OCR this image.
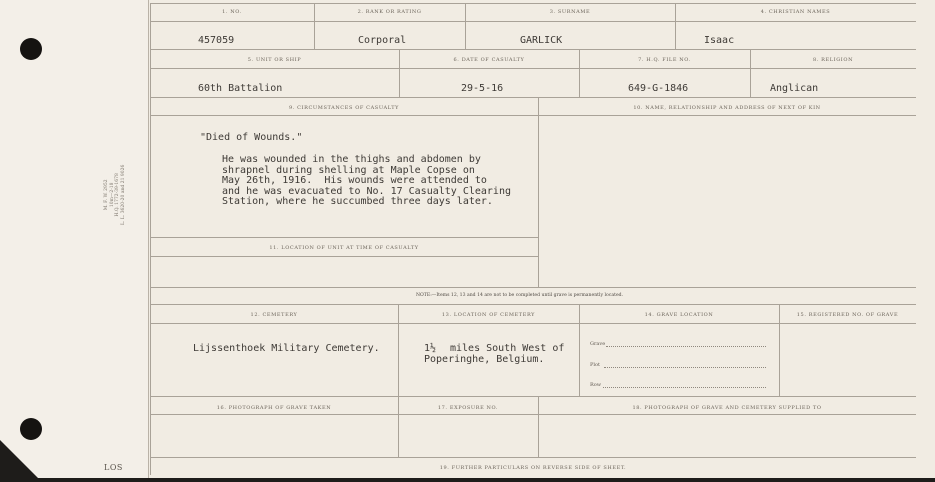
M. F. W. 2952 10m—2-18 H.Q. 1772-39-1678 L. L. 3620-20 and 21 9026
LOS
1. NO.
457059
2. RANK OR RATING
Corporal
3. SURNAME
GARLICK
4. CHRISTIAN NAMES
Isaac
5. UNIT OR SHIP
60th Battalion
6. DATE OF CASUALTY
29-5-16
7. H.Q. FILE NO.
649-G-1846
8. RELIGION
Anglican
9. CIRCUMSTANCES OF CASUALTY
"Died of Wounds."
He was wounded in the thighs and abdomen by
shrapnel during shelling at Maple Copse on
May 26th, 1916.  His wounds were attended to
and he was evacuated to No. 17 Casualty Clearing
Station, where he succumbed three days later.
10. NAME, RELATIONSHIP AND ADDRESS OF NEXT OF KIN
11. LOCATION OF UNIT AT TIME OF CASUALTY
NOTE:—Items 12, 13 and 14 are not to be completed until grave is permanently located.
12. CEMETERY
Lijssenthoek Military Cemetery.
13. LOCATION OF CEMETERY
1½ miles South West of
Poperinghe, Belgium.
14. GRAVE LOCATION
Grave
Plot
Row
15. REGISTERED NO. OF GRAVE
16. PHOTOGRAPH OF GRAVE TAKEN	17. EXPOSURE NO.	18. PHOTOGRAPH OF GRAVE AND CEMETERY SUPPLIED TO
19. FURTHER PARTICULARS ON REVERSE SIDE OF SHEET.
